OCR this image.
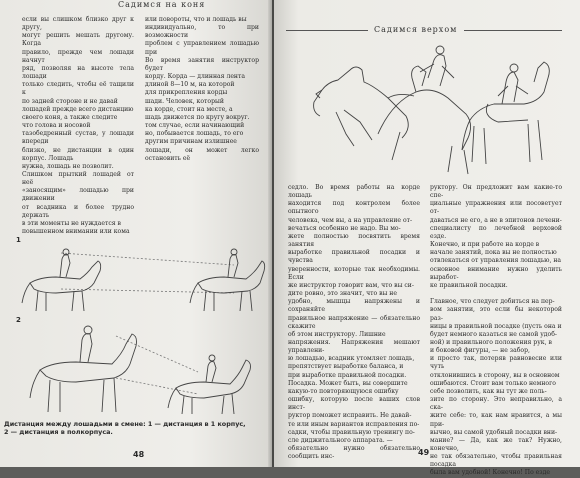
Садимся на коня

если вы слишком близко друг к другу,

могут решить мешать другому. Когда

правило, прежде чем лошади начнут

ряд, позволяя на высоте тела лошади

только следить, чтобы её тащили к

по задней стороне и не давай

лошадей прежде всего дистанцию

своего коня, а также следите

что голова и носовой

тазобедренный сустав, у лошади впереди

близко, не дистанции в один корпус. Лошадь

нужна, лошадь не позволит.

Слишком прыткий лошадей от неё

«заносящим» лошадью при движении

от всадника и более трудно держать

в эти моменты не нуждается в

повышенном внимании или кома

или повороты, что и лошадь вы

индивидуально, то при возможности

проблем с управлением лошадью при

Во время занятия инструктор будет

корду. Корда — длинная лента

длиной 8—10 м, на которой

для прикрепления корды

шади. Человек, который

ка корде, стоит на месте, а

шадь движется по кругу вокруг.

том случае, если начинающий

но, побывается лошадь, то его

другим причинам излишнее

лошади, он может легко остановить её

1
2
Дистанция между лошадьми в смене: 1 — дистанция в 1 корпус, 2 — дистанция в полкорпуса.
48
Садимся верхом

седло. Во время работы на корде лошадь

находится под контролем более опытного

человека, чем вы, а на управление от-

вечаться особенно не надо. Вы мо-

жете полностью посвятить время занятия

выработке правильной посадки и чувства

уверенности, которые так необходимы. Если

же инструктор говорит вам, что вы си-

дите ровно, это значит, что вы не

удобно, мышцы напряжены и сохраняйте

правильное напряжение — обязательно скажите

об этом инструктору. Лишние

напряжения. Напряжения мешают управлени-

ю лошадью, всадник утомляет лошадь,

препятствует выработке баланса, и

при выработке правильной посадки.

Посадка. Может быть, вы совершите

какую-то повторяющуюся ошибку

ошибку, которую после ваших слов инст-

руктор поможет исправить. Не давай-

те или иным вариантов исправления по-

садки, чтобы правильную тренингу по-

сле диджитального аппарата. —

обязательно нужно обязательно сообщить инс-

руктору. Он предложит вам какие-то спе-

циальные упражнения или посоветует от-

даваться не его, а не в эпитонов лечени-

специалисту по лечебной верховой езде.

Конечно, и при работе на корде в

начале занятий, пока вы не полностью

отвлекаться от управления лошадью, на

основное внимание нужно уделить выработ-

ке правильной посадки.

Главное, что следует добиться на пер-

вом занятии, это если бы некоторой раз-

ницы в правильной посадке (пусть она и

будет немного казаться не самой удоб-

ной) и правильного положения рук, в

и боковой фигуры, — не забор,

и просто так, потеряв равновесие или чуть

отклонившись в сторону, вы в основном

ошибаются. Стоит вам только немного

себе позволить, как вы тут же поль-

зите по сторону. Это неправильно, а ска-

жите себе: то, как нам нравится, а мы при-

вычно, вы самой удобный посадки вни-

мание? — Да, как же так? Нужно, конечно,

не так обязательно, чтобы правильная посадка

была вам удобной! Конечно! По езде

49
